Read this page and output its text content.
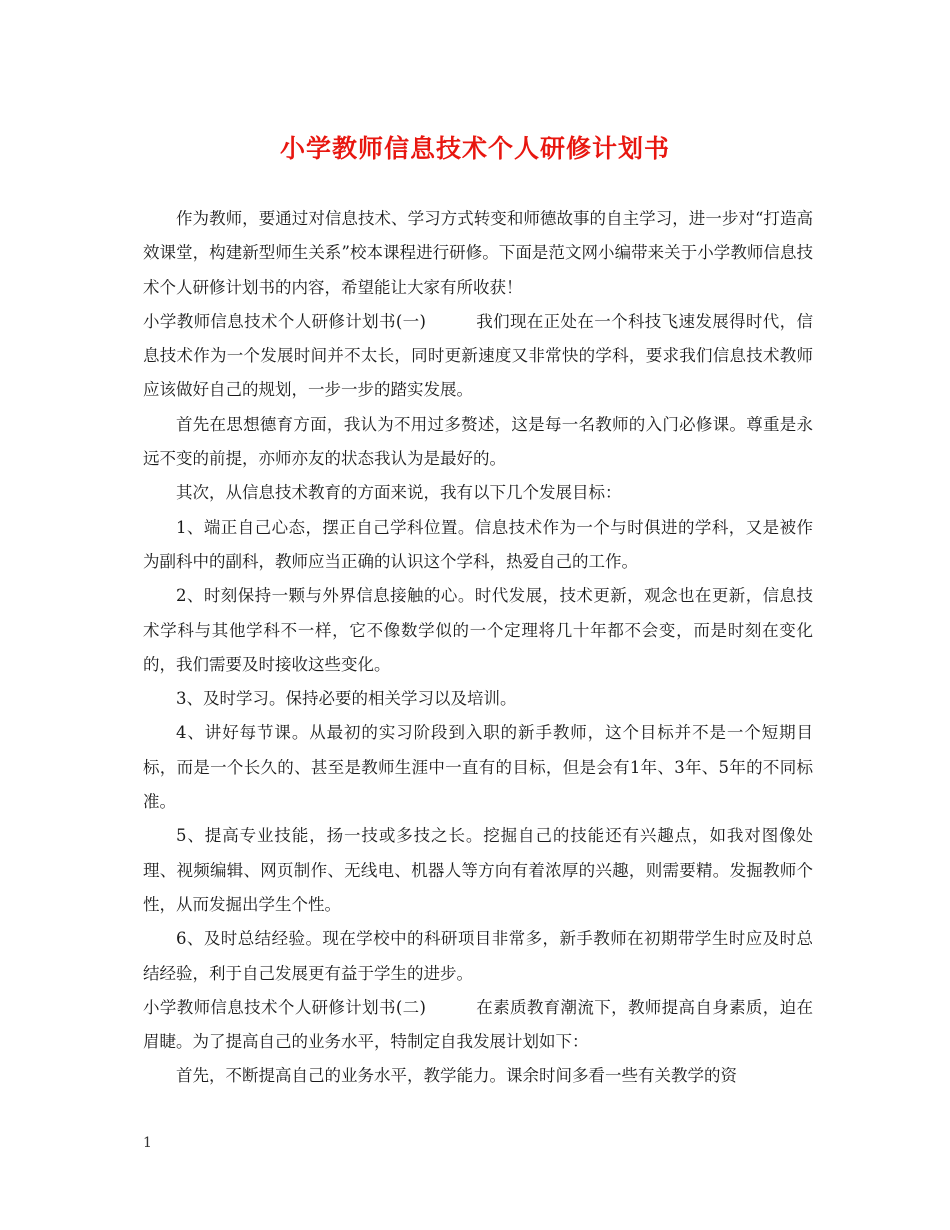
小学教师信息技术个人研修计划书

作为教师，要通过对信息技术、学习方式转变和师德故事的自主学习，进一步对“打造高效课堂，构建新型师生关系”校本课程进行研修。下面是范文网小编带来关于小学教师信息技术个人研修计划书的内容，希望能让大家有所收获！

小学教师信息技术个人研修计划书(一)	我们现在正处在一个科技飞速发展得时代，信息技术作为一个发展时间并不太长，同时更新速度又非常快的学科，要求我们信息技术教师应该做好自己的规划，一步一步的踏实发展。

首先在思想德育方面，我认为不用过多赘述，这是每一名教师的入门必修课。尊重是永远不变的前提，亦师亦友的状态我认为是最好的。

其次，从信息技术教育的方面来说，我有以下几个发展目标：

1、端正自己心态，摆正自己学科位置。信息技术作为一个与时俱进的学科，又是被作为副科中的副科，教师应当正确的认识这个学科，热爱自己的工作。

2、时刻保持一颗与外界信息接触的心。时代发展，技术更新，观念也在更新，信息技术学科与其他学科不一样，它不像数学似的一个定理将几十年都不会变，而是时刻在变化的，我们需要及时接收这些变化。

3、及时学习。保持必要的相关学习以及培训。

4、讲好每节课。从最初的实习阶段到入职的新手教师，这个目标并不是一个短期目标，而是一个长久的、甚至是教师生涯中一直有的目标，但是会有1年、3年、5年的不同标准。

5、提高专业技能，扬一技或多技之长。挖掘自己的技能还有兴趣点，如我对图像处理、视频编辑、网页制作、无线电、机器人等方向有着浓厚的兴趣，则需要精。发掘教师个性，从而发掘出学生个性。

6、及时总结经验。现在学校中的科研项目非常多，新手教师在初期带学生时应及时总结经验，利于自己发展更有益于学生的进步。

小学教师信息技术个人研修计划书(二)	在素质教育潮流下，教师提高自身素质，迫在眉睫。为了提高自己的业务水平，特制定自我发展计划如下：

首先，不断提高自己的业务水平，教学能力。课余时间多看一些有关教学的资

1
